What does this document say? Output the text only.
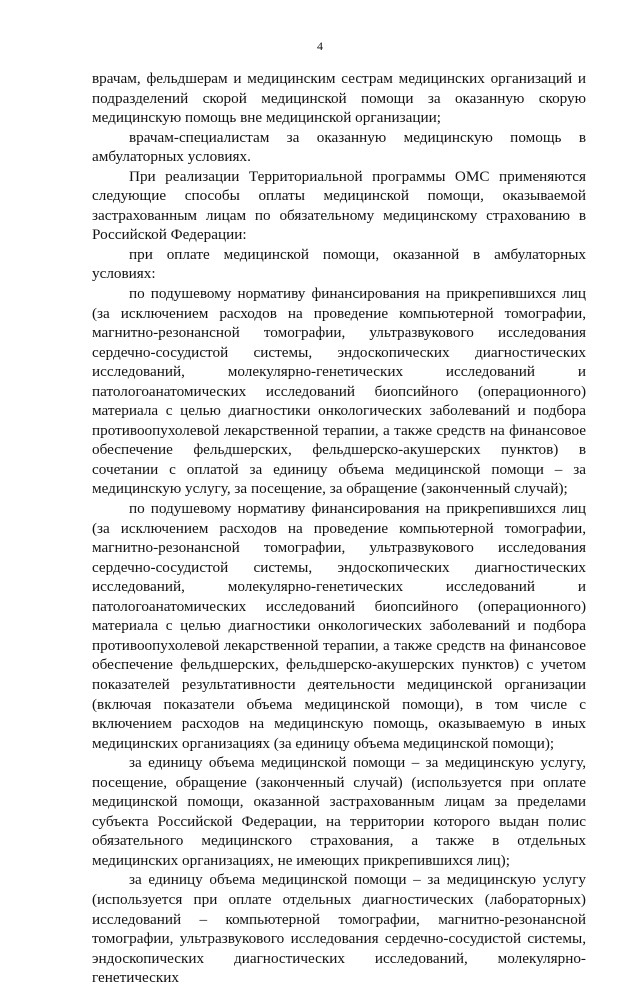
4

врачам, фельдшерам и медицинским сестрам медицинских организаций и подразделений скорой медицинской помощи за оказанную скорую медицинскую помощь вне медицинской организации;

врачам-специалистам за оказанную медицинскую помощь в амбулаторных условиях.

При реализации Территориальной программы ОМС применяются следующие способы оплаты медицинской помощи, оказываемой застрахованным лицам по обязательному медицинскому страхованию в Российской Федерации:

при оплате медицинской помощи, оказанной в амбулаторных условиях:

по подушевому нормативу финансирования на прикрепившихся лиц (за исключением расходов на проведение компьютерной томографии, магнитно-резонансной томографии, ультразвукового исследования сердечно-сосудистой системы, эндоскопических диагностических исследований, молекулярно-генетических исследований и патологоанатомических исследований биопсийного (операционного) материала с целью диагностики онкологических заболеваний и подбора противоопухолевой лекарственной терапии, а также средств на финансовое обеспечение фельдшерских, фельдшерско-акушерских пунктов) в сочетании с оплатой за единицу объема медицинской помощи – за медицинскую услугу, за посещение, за обращение (законченный случай);

по подушевому нормативу финансирования на прикрепившихся лиц (за исключением расходов на проведение компьютерной томографии, магнитно-резонансной томографии, ультразвукового исследования сердечно-сосудистой системы, эндоскопических диагностических исследований, молекулярно-генетических исследований и патологоанатомических исследований биопсийного (операционного) материала с целью диагностики онкологических заболеваний и подбора противоопухолевой лекарственной терапии, а также средств на финансовое обеспечение фельдшерских, фельдшерско-акушерских пунктов) с учетом показателей результативности деятельности медицинской организации (включая показатели объема медицинской помощи), в том числе с включением расходов на медицинскую помощь, оказываемую в иных медицинских организациях (за единицу объема медицинской помощи);

за единицу объема медицинской помощи – за медицинскую услугу, посещение, обращение (законченный случай) (используется при оплате медицинской помощи, оказанной застрахованным лицам за пределами субъекта Российской Федерации, на территории которого выдан полис обязательного медицинского страхования, а также в отдельных медицинских организациях, не имеющих прикрепившихся лиц);

за единицу объема медицинской помощи – за медицинскую услугу (используется при оплате отдельных диагностических (лабораторных) исследований – компьютерной томографии, магнитно-резонансной томографии, ультразвукового исследования сердечно-сосудистой системы, эндоскопических диагностических исследований, молекулярно-генетических
